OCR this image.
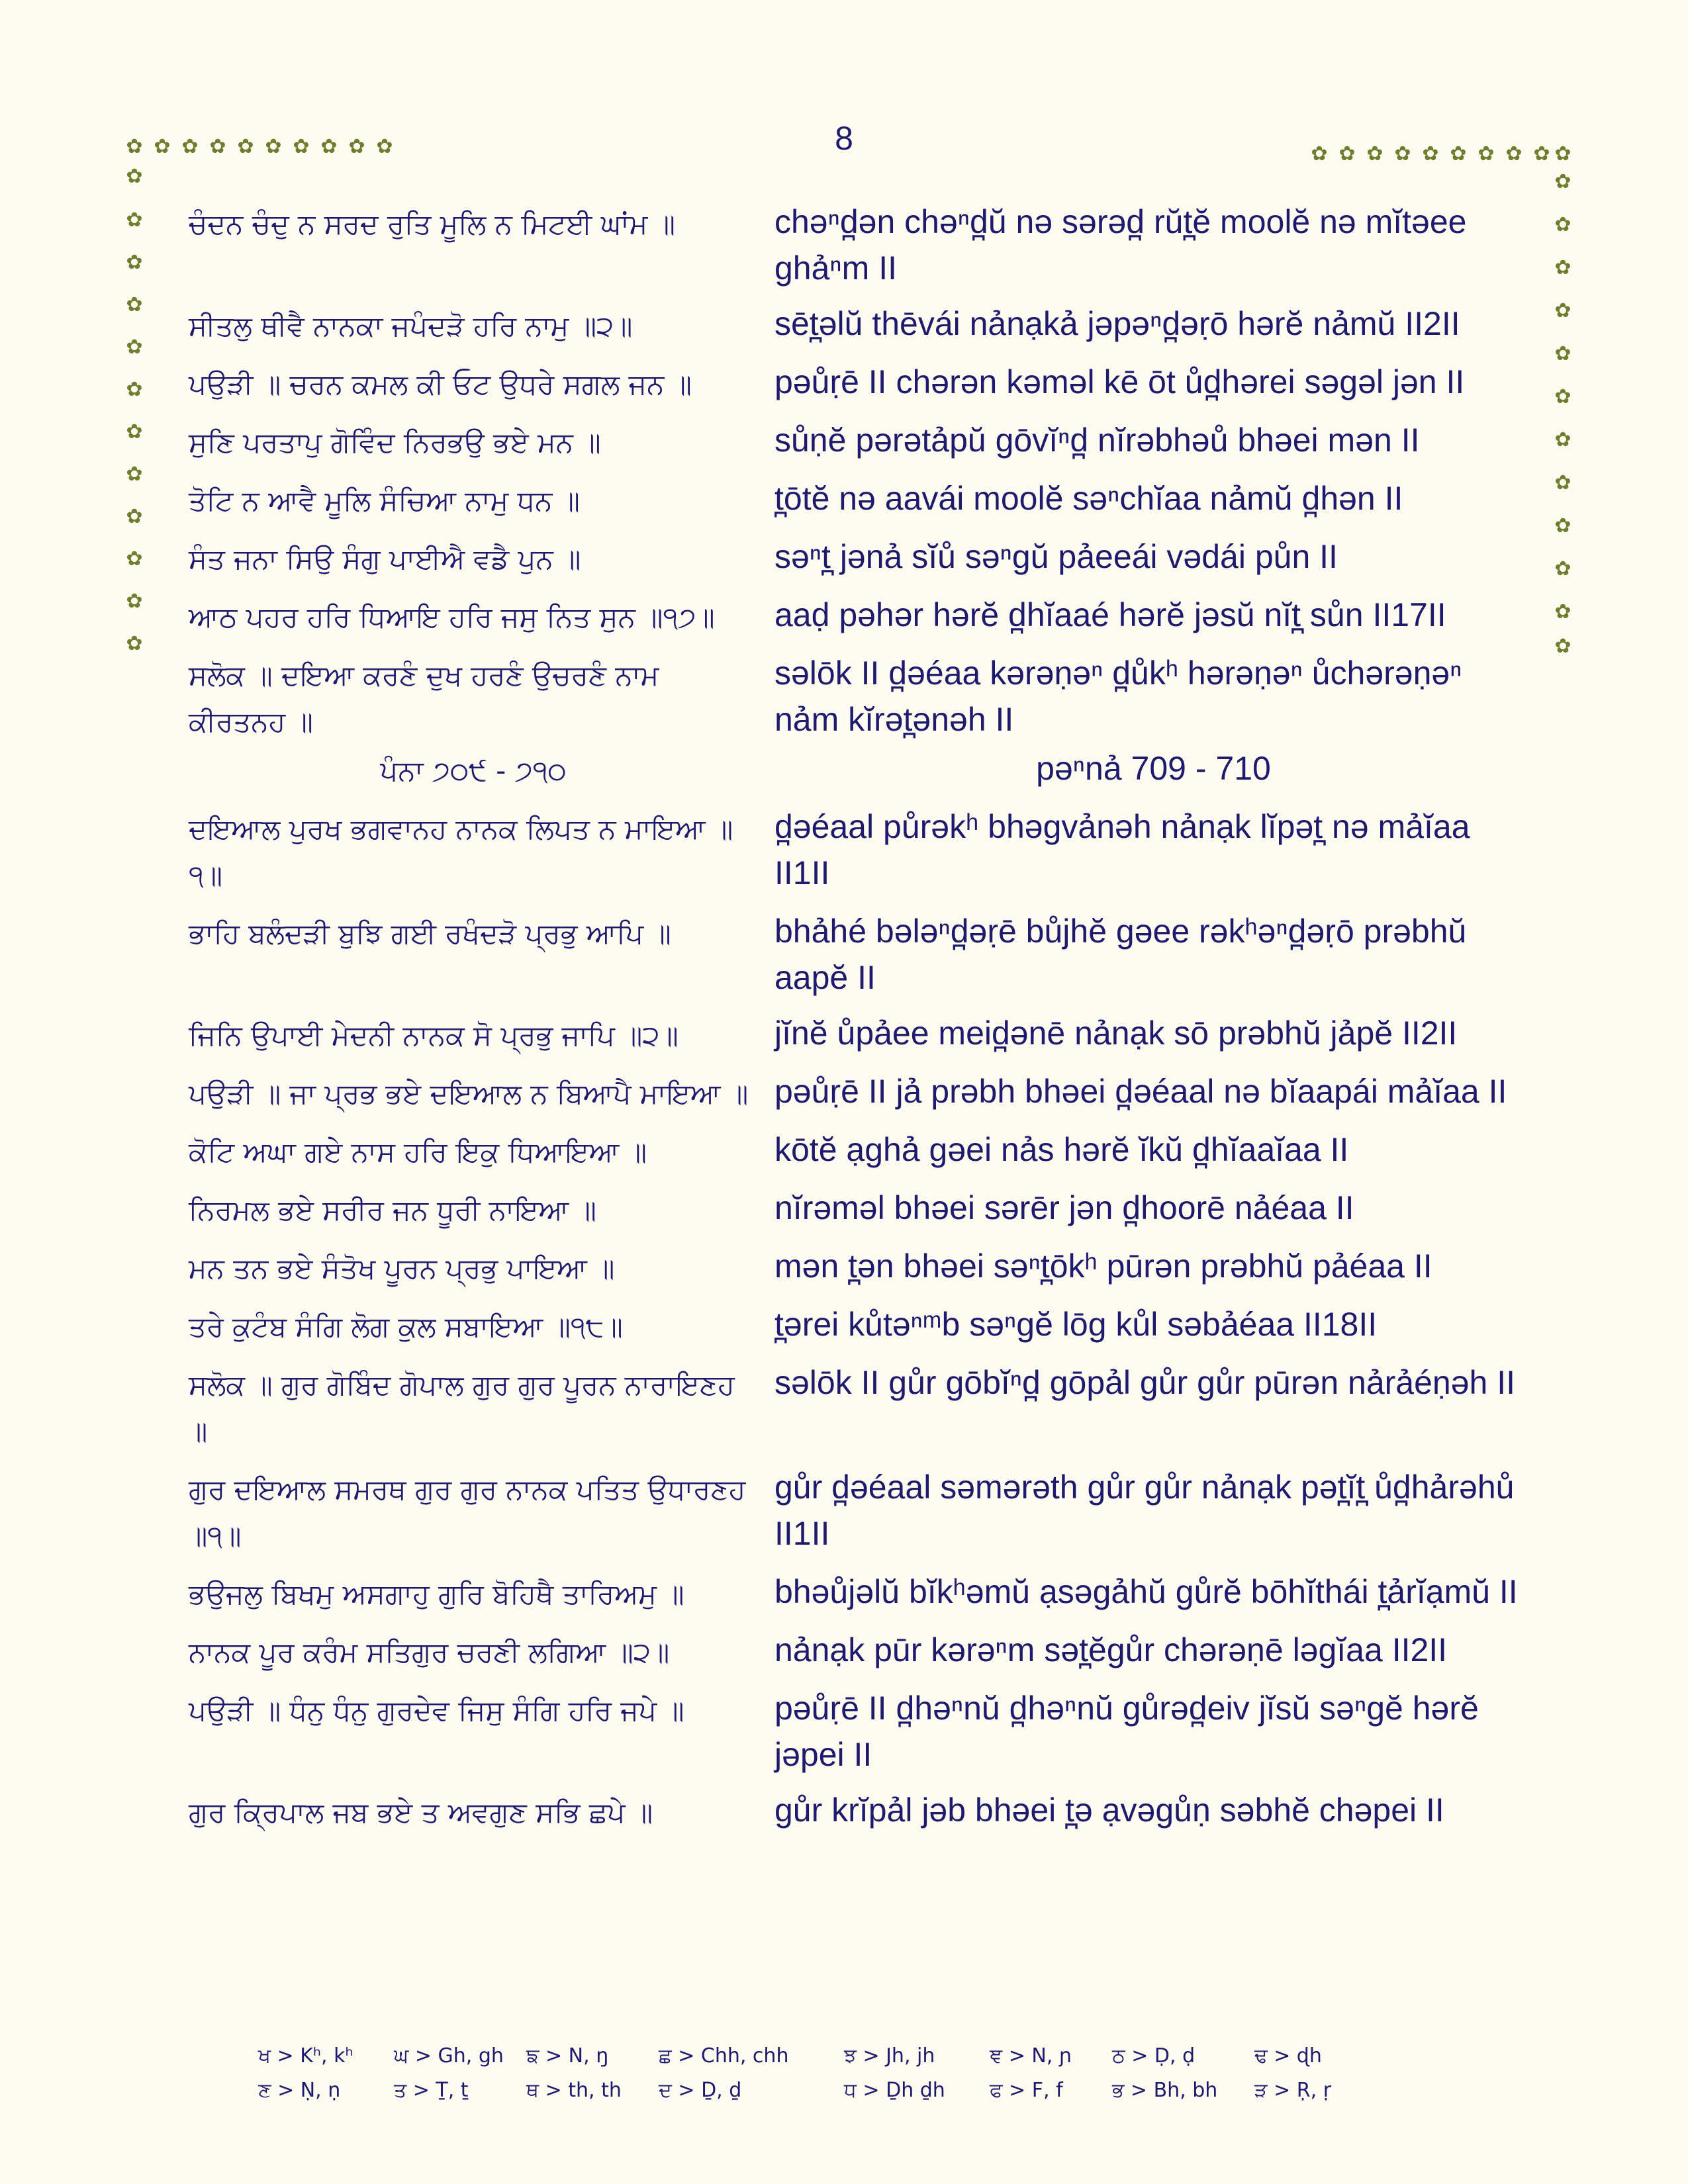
8
✿ ✿ ✿ ✿ ✿ ✿ ✿ ✿ ✿ ✿
✿
✿
✿
✿
✿
✿
✿
✿
✿
✿
✿
✿
✿ ✿ ✿ ✿ ✿ ✿ ✿ ✿ ✿ ✿
✿
✿
✿
✿
✿
✿
✿
✿
✿
✿
✿
✿
ਚੰਦਨ ਚੰਦੁ ਨ ਸਰਦ ਰੁਤਿ ਮੂਲਿ ਨ ਮਿਟਈ ਘਾਂਮ ॥	chəⁿd̪ən chəⁿd̪ŭ nə sərəd̪ rŭt̪ĕ moolĕ nə mĭtəee ghảⁿm II
ਸੀਤਲੁ ਥੀਵੈ ਨਾਨਕਾ ਜਪੰਦੜੋ ਹਰਿ ਨਾਮੁ ॥੨॥	sēt̪əlŭ thēvái nảnạkả jəpəⁿd̪əṛō hərĕ nảmŭ II2II
ਪਉੜੀ ॥ ਚਰਨ ਕਮਲ ਕੀ ਓਟ ਉਧਰੇ ਸਗਲ ਜਨ ॥	pəůṛē II chərən kəməl kē ōt ůd̪hərei səgəl jən II
ਸੁਣਿ ਪਰਤਾਪੁ ਗੋਵਿੰਦ ਨਿਰਭਉ ਭਏ ਮਨ ॥	sůṇĕ pərətảpŭ gōvĭⁿd̪ nĭrəbhəů bhəei mən II
ਤੋਟਿ ਨ ਆਵੈ ਮੂਲਿ ਸੰਚਿਆ ਨਾਮੁ ਧਨ ॥	t̪ōtĕ nə aavái moolĕ səⁿchĭaa nảmŭ d̪hən II
ਸੰਤ ਜਨਾ ਸਿਉ ਸੰਗੁ ਪਾਈਐ ਵਡੈ ਪੁਨ ॥	səⁿt̪ jənả sĭů səⁿgŭ pảeeái vədái půn II
ਆਠ ਪਹਰ ਹਰਿ ਧਿਆਇ ਹਰਿ ਜਸੁ ਨਿਤ ਸੁਨ ॥੧੭॥	aaḍ pəhər hərĕ d̪hĭaaé hərĕ jəsŭ nĭt̪ sůn II17II
ਸਲੋਕ ॥ ਦਇਆ ਕਰਣੰ ਦੁਖ ਹਰਣੰ ਉਚਰਣੰ ਨਾਮ ਕੀਰਤਨਹ ॥
səlōk II d̪əéaa kərəṇəⁿ d̪ůkʰ hərəṇəⁿ ůchərəṇəⁿ nảm kĭrət̪ənəh II
ਪੰਨਾ ੭੦੯ - ੭੧੦	pəⁿnả 709 - 710
ਦਇਆਲ ਪੁਰਖ ਭਗਵਾਨਹ ਨਾਨਕ ਲਿਪਤ ਨ ਮਾਇਆ ॥੧॥
d̪əéaal půrəkʰ bhəgvảnəh nảnạk lĭpət̪ nə mảĭaa II1II
ਭਾਹਿ ਬਲੰਦੜੀ ਬੁਝਿ ਗਈ ਰਖੰਦੜੋ ਪ੍ਰਭੁ ਆਪਿ ॥	bhảhé bələⁿd̪əṛē bůjhĕ gəee rəkʰəⁿd̪əṛō prəbhŭ aapĕ II
ਜਿਨਿ ਉਪਾਈ ਮੇਦਨੀ ਨਾਨਕ ਸੋ ਪ੍ਰਭੁ ਜਾਪਿ ॥੨॥	jĭnĕ ůpảee meid̪ənē nảnạk sō prəbhŭ jảpĕ II2II
ਪਉੜੀ ॥ ਜਾ ਪ੍ਰਭ ਭਏ ਦਇਆਲ ਨ ਬਿਆਪੈ ਮਾਇਆ ॥ pəůṛē II jả prəbh bhəei d̪əéaal nə bĭaapái mảĭaa II
ਕੋਟਿ ਅਘਾ ਗਏ ਨਾਸ ਹਰਿ ਇਕੁ ਧਿਆਇਆ ॥	kōtĕ ạghả gəei nảs hərĕ ĭkŭ d̪hĭaaĭaa II
ਨਿਰਮਲ ਭਏ ਸਰੀਰ ਜਨ ਧੂਰੀ ਨਾਇਆ ॥	nĭrəməl bhəei sərēr jən d̪hoorē nảéaa II
ਮਨ ਤਨ ਭਏ ਸੰਤੋਖ ਪੂਰਨ ਪ੍ਰਭੁ ਪਾਇਆ ॥	mən t̪ən bhəei səⁿt̪ōkʰ pūrən prəbhŭ pảéaa II
ਤਰੇ ਕੁਟੰਬ ਸੰਗਿ ਲੋਗ ਕੁਲ ਸਬਾਇਆ ॥੧੮॥	t̪ərei kůtəⁿᵐb səⁿgĕ lōg kůl səbảéaa II18II
ਸਲੋਕ ॥ ਗੁਰ ਗੋਬਿੰਦ ਗੋਪਾਲ ਗੁਰ ਗੁਰ ਪੂਰਨ ਨਾਰਾਇਣਹ ॥
səlōk II gůr gōbĭⁿd̪ gōpảl gůr gůr pūrən nảrảéṇəh II
ਗੁਰ ਦਇਆਲ ਸਮਰਥ ਗੁਰ ਗੁਰ ਨਾਨਕ ਪਤਿਤ ਉਧਾਰਣਹ ॥੧॥
gůr d̪əéaal səmərəth gůr gůr nảnạk pət̪ĭt̪ ůd̪hảrəhů II1II
ਭਉਜਲੁ ਬਿਖਮੁ ਅਸਗਾਹੁ ਗੁਰਿ ਬੋਹਿਥੈ ਤਾਰਿਅਮੁ ॥	bhəůjəlŭ bĭkʰəmŭ ạsəgảhŭ gůrĕ bōhĭthái t̪ảrĭạmŭ II
ਨਾਨਕ ਪੂਰ ਕਰੰਮ ਸਤਿਗੁਰ ਚਰਣੀ ਲਗਿਆ ॥੨॥	nảnạk pūr kərəⁿm sət̪ĕgůr chərəṇē ləgĭaa II2II
ਪਉੜੀ ॥ ਧੰਨੁ ਧੰਨੁ ਗੁਰਦੇਵ ਜਿਸੁ ਸੰਗਿ ਹਰਿ ਜਪੇ ॥	pəůṛē II d̪həⁿnŭ d̪həⁿnŭ gůrəd̪eiv jĭsŭ səⁿgĕ hərĕ jəpei II
ਗੁਰ ਕ੍ਰਿਪਾਲ ਜਬ ਭਏ ਤ ਅਵਗੁਣ ਸਭਿ ਛਪੇ ॥	gůr krĭpảl jəb bhəei t̪ə ạvəgůṇ səbhĕ chəpei II
ਖ > Kʰ, kʰ	ਘ > Gh, gh	ਙ > N, ŋ	ਛ > Chh, chh	ਝ > Jh, jh	ਞ > N, ɲ	ਠ > Ḍ, ḍ	ਢ > ɖh
ਣ > Ṇ, ṇ	ਤ > Ṯ, ṯ	ਥ > th, th	ਦ > Ḏ, ḏ	ਧ > Ḏh ḏh	ਫ > F, f	ਭ > Bh, bh	ੜ > Ṛ, ṛ
